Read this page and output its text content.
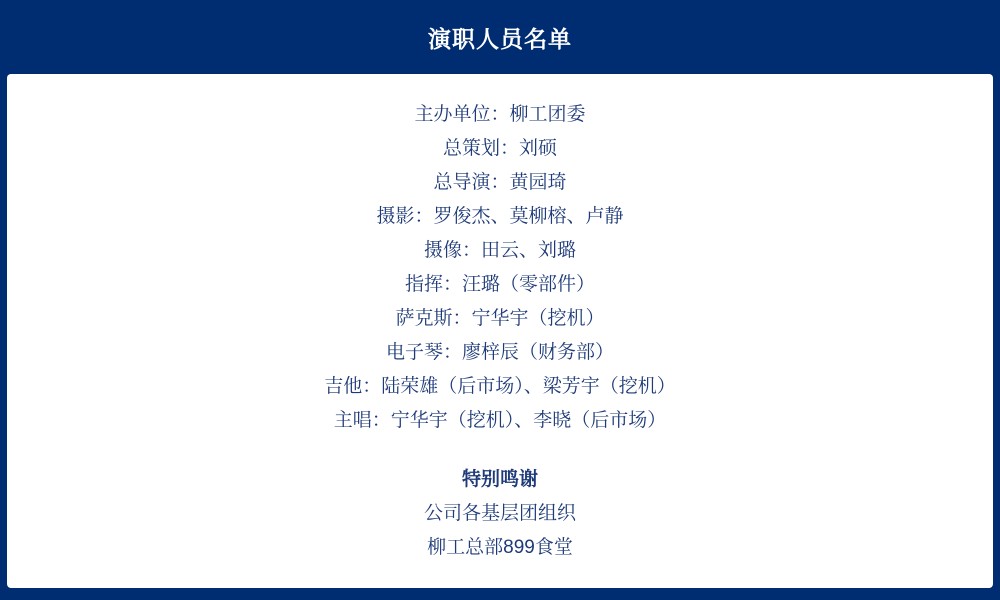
演职人员名单
主办单位：柳工团委
总策划：刘硕
总导演：黄园琦
摄影：罗俊杰、莫柳榕、卢静
摄像：田云、刘璐
指挥：汪璐（零部件）
萨克斯：宁华宇（挖机）
电子琴：廖梓辰（财务部）
吉他：陆荣雄（后市场）、梁芳宇（挖机）
主唱：宁华宇（挖机）、李晓（后市场）
特别鸣谢
公司各基层团组织
柳工总部899食堂
